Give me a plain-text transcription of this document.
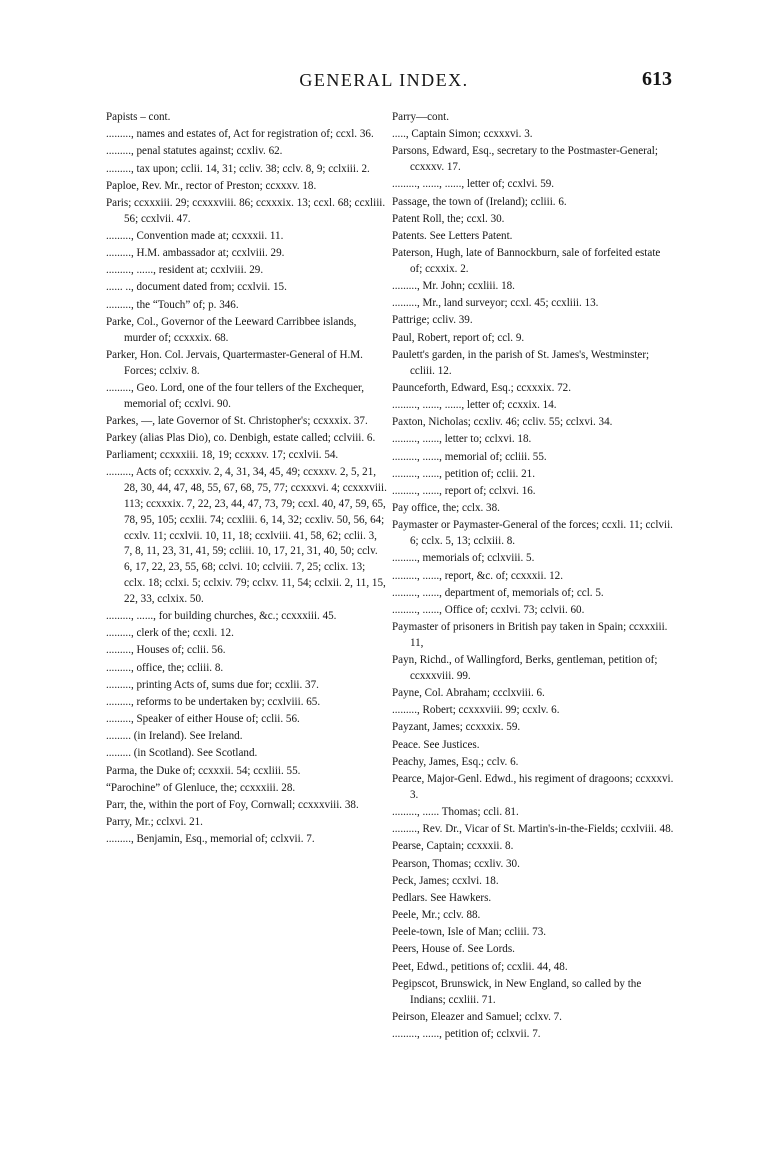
GENERAL INDEX.	613
Papists – cont.
........., names and estates of, Act for registration of; ccxl. 36.
........., penal statutes against; ccxliv. 62.
........., tax upon; cclii. 14, 31; ccliv. 38; cclv. 8, 9; cclxiii. 2.
Paploe, Rev. Mr., rector of Preston; ccxxxv. 18.
Paris; ccxxxiii. 29; ccxxxviii. 86; ccxxxix. 13; ccxl. 68; ccxliii. 56; ccxlvii. 47.
........., Convention made at; ccxxxii. 11.
........., H.M. ambassador at; ccxlviii. 29.
........., ......, resident at; ccxlviii. 29.
...... .., document dated from; ccxlvii. 15.
........., the “Touch” of; p. 346.
Parke, Col., Governor of the Leeward Carribbee islands, murder of; ccxxxix. 68.
Parker, Hon. Col. Jervais, Quartermaster-General of H.M. Forces; cclxiv. 8.
........., Geo. Lord, one of the four tellers of the Exchequer, memorial of; ccxlvi. 90.
Parkes, —, late Governor of St. Christopher's; ccxxxix. 37.
Parkey (alias Plas Dio), co. Denbigh, estate called; cclviii. 6.
Parliament; ccxxxiii. 18, 19; ccxxxv. 17; ccxlvii. 54.
........., Acts of; ccxxxiv. 2, 4, 31, 34, 45, 49; ccxxxv. 2, 5, 21, 28, 30, 44, 47, 48, 55, 67, 68, 75, 77; ccxxxvi. 4; ccxxxviii. 113; ccxxxix. 7, 22, 23, 44, 47, 73, 79; ccxl. 40, 47, 59, 65, 78, 95, 105; ccxlii. 74; ccxliii. 6, 14, 32; ccxliv. 50, 56, 64; ccxlv. 11; ccxlvii. 10, 11, 18; ccxlviii. 41, 58, 62; cclii. 3, 7, 8, 11, 23, 31, 41, 59; ccliii. 10, 17, 21, 31, 40, 50; cclv. 6, 17, 22, 23, 55, 68; cclvi. 10; cclviii. 7, 25; cclix. 13; cclx. 18; cclxi. 5; cclxiv. 79; cclxv. 11, 54; cclxii. 2, 11, 15, 22, 33, cclxix. 50.
........., ......, for building churches, &c.; ccxxxiii. 45.
........., clerk of the; ccxli. 12.
........., Houses of; cclii. 56.
........., office, the; ccliii. 8.
........., printing Acts of, sums due for; ccxlii. 37.
........., reforms to be undertaken by; ccxlviii. 65.
........., Speaker of either House of; cclii. 56.
......... (in Ireland). See Ireland.
......... (in Scotland). See Scotland.
Parma, the Duke of; ccxxxii. 54; ccxliii. 55.
“Parochine” of Glenluce, the; ccxxxiii. 28.
Parr, the, within the port of Foy, Cornwall; ccxxxviii. 38.
Parry, Mr.; cclxvi. 21.
........., Benjamin, Esq., memorial of; cclxvii. 7.
Parry—cont.
....., Captain Simon; ccxxxvi. 3.
Parsons, Edward, Esq., secretary to the Postmaster-General; ccxxxv. 17.
........., ......, ......, letter of; ccxlvi. 59.
Passage, the town of (Ireland); ccliii. 6.
Patent Roll, the; ccxl. 30.
Patents. See Letters Patent.
Paterson, Hugh, late of Bannockburn, sale of forfeited estate of; ccxxix. 2.
........., Mr. John; ccxliii. 18.
........., Mr., land surveyor; ccxl. 45; ccxliii. 13.
Pattrige; ccliv. 39.
Paul, Robert, report of; ccl. 9.
Paulett's garden, in the parish of St. James's, Westminster; ccliii. 12.
Paunceforth, Edward, Esq.; ccxxxix. 72.
........., ......, ......, letter of; ccxxix. 14.
Paxton, Nicholas; ccxliv. 46; ccliv. 55; cclxvi. 34.
........., ......, letter to; cclxvi. 18.
........., ......, memorial of; ccliii. 55.
........., ......, petition of; cclii. 21.
........., ......, report of; cclxvi. 16.
Pay office, the; cclx. 38.
Paymaster or Paymaster-General of the forces; ccxli. 11; cclvii. 6; cclx. 5, 13; cclxiii. 8.
........., memorials of; cclxviii. 5.
........., ......, report, &c. of; ccxxxii. 12.
........., ......, department of, memorials of; ccl. 5.
........., ......, Office of; ccxlvi. 73; cclvii. 60.
Paymaster of prisoners in British pay taken in Spain; ccxxxiii. 11,
Payn, Richd., of Wallingford, Berks, gentleman, petition of; ccxxxviii. 99.
Payne, Col. Abraham; ccclxviii. 6.
........., Robert; ccxxxviii. 99; ccxlv. 6.
Payzant, James; ccxxxix. 59.
Peace. See Justices.
Peachy, James, Esq.; cclv. 6.
Pearce, Major-Genl. Edwd., his regiment of dragoons; ccxxxvi. 3.
........., ...... Thomas; ccli. 81.
........., Rev. Dr., Vicar of St. Martin's-in-the-Fields; ccxlviii. 48.
Pearse, Captain; ccxxxii. 8.
Pearson, Thomas; ccxliv. 30.
Peck, James; ccxlvi. 18.
Pedlars. See Hawkers.
Peele, Mr.; cclv. 88.
Peele-town, Isle of Man; ccliii. 73.
Peers, House of. See Lords.
Peet, Edwd., petitions of; ccxlii. 44, 48.
Pegipscot, Brunswick, in New England, so called by the Indians; ccxliii. 71.
Peirson, Eleazer and Samuel; cclxv. 7.
........., ......, petition of; cclxvii. 7.
